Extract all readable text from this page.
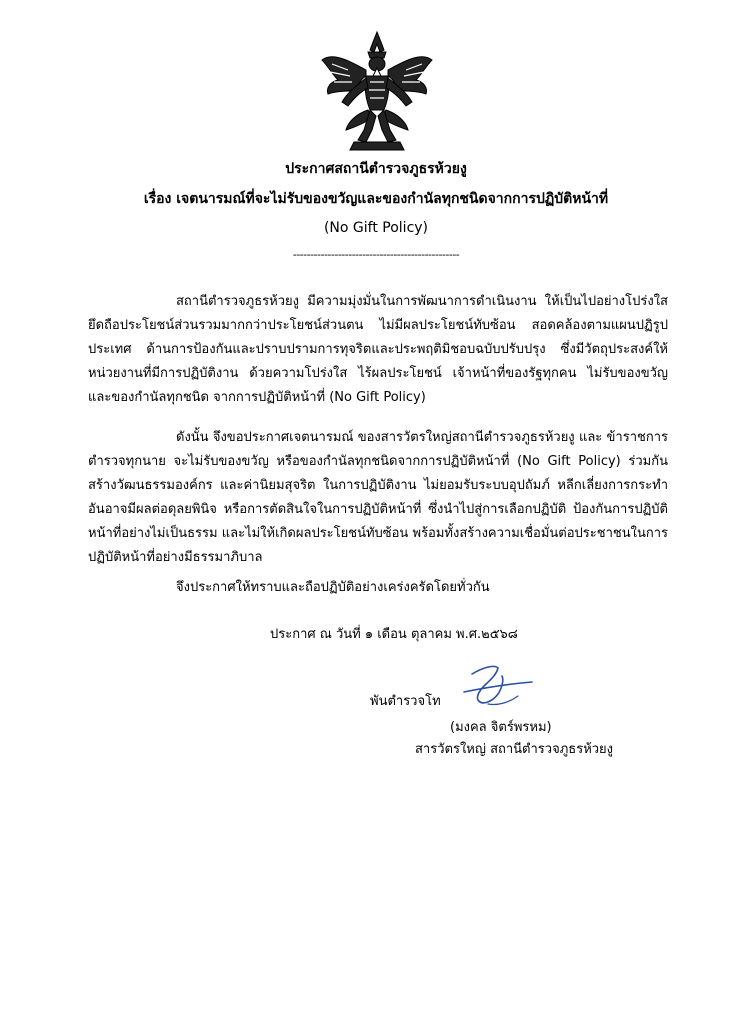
ประกาศสถานีตำรวจภูธรห้วยงู
เรื่อง เจตนารมณ์ที่จะไม่รับของขวัญและของกำนัลทุกชนิดจากการปฏิบัติหน้าที่
(No Gift Policy)
------------------------------------------------

สถานีตำรวจภูธรห้วยงู มีความมุ่งมั่นในการพัฒนาการดำเนินงาน ให้เป็นไปอย่างโปร่งใส ยึดถือประโยชน์ส่วนรวมมากกว่าประโยชน์ส่วนตน ไม่มีผลประโยชน์ทับซ้อน สอดคล้องตามแผนปฏิรูปประเทศ ด้านการป้องกันและปราบปรามการทุจริตและประพฤติมิชอบฉบับปรับปรุง ซึ่งมีวัตถุประสงค์ให้หน่วยงานที่มีการปฏิบัติงาน ด้วยความโปร่งใส ไร้ผลประโยชน์ เจ้าหน้าที่ของรัฐทุกคน ไม่รับของขวัญ และของกำนัลทุกชนิด จากการปฏิบัติหน้าที่ (No Gift Policy)

ดังนั้น จึงขอประกาศเจตนารมณ์ ของสารวัตรใหญ่สถานีตำรวจภูธรห้วยงู และ ข้าราชการตำรวจทุกนาย จะไม่รับของขวัญ หรือของกำนัลทุกชนิดจากการปฏิบัติหน้าที่ (No Gift Policy) ร่วมกันสร้างวัฒนธรรมองค์กร และค่านิยมสุจริต ในการปฏิบัติงาน ไม่ยอมรับระบบอุปถัมภ์ หลีกเลี่ยงการกระทำอันอาจมีผลต่อดุลยพินิจ หรือการตัดสินใจในการปฏิบัติหน้าที่ ซึ่งนำไปสู่การเลือกปฏิบัติ ป้องกันการปฏิบัติหน้าที่อย่างไม่เป็นธรรม และไม่ให้เกิดผลประโยชน์ทับซ้อน พร้อมทั้งสร้างความเชื่อมั่นต่อประชาชนในการปฏิบัติหน้าที่อย่างมีธรรมาภิบาล

จึงประกาศให้ทราบและถือปฏิบัติอย่างเคร่งครัดโดยทั่วกัน
ประกาศ ณ วันที่ ๑ เดือน ตุลาคม พ.ศ.๒๕๖๘
พันตำรวจโท
(มงคล จิตร์พรหม)
สารวัตรใหญ่ สถานีตำรวจภูธรห้วยงู
